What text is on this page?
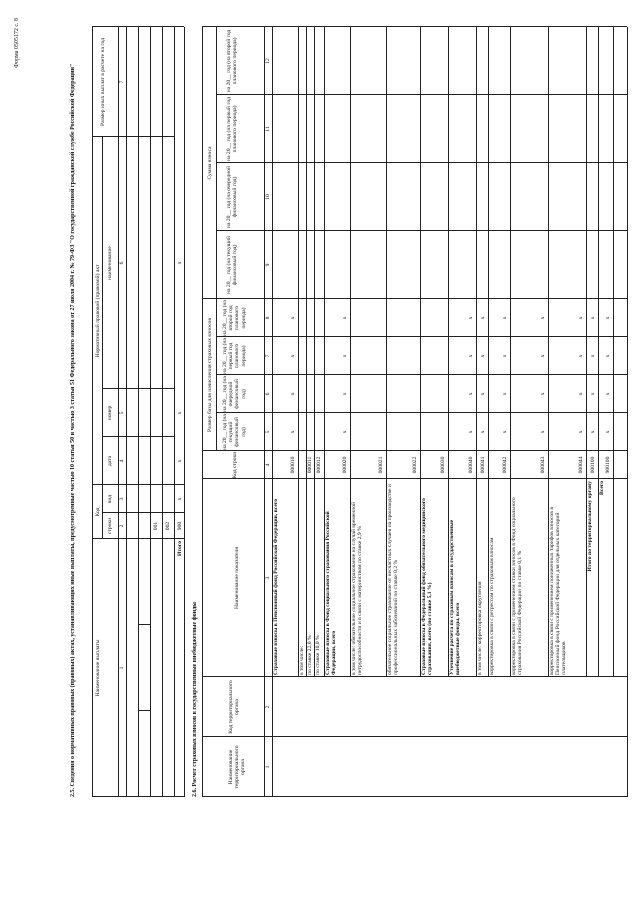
Форма 0505172 с. 8
2.5. Сведения о нормативных правовых (правовых) актах, устанавливающих иные выплаты, предусмотренные частью 10 статьи 50 и частью 3 статьи 51 Федерального закона от 27 июля 2004 г. № 79-ФЗ "О государственной гражданской службе Российской Федерации"	Наименование выплаты
Код
строки
вид
Нормативный правовой (правовой) акт
дата
номер
наименование
Размер иных выплат в расчете на год
1
2
3
4
5
6
7
001 002
Итого
900
x
x
x
x
2.6. Расчет страховых взносов в государственные внебюджетные фонды	Наименование территориального органа
Код территориального органа
Наименование показателя
Код строки
Размер базы для начисления страховых взносов
Сумма взноса
на 20__ год (на текущий финансовый год)
на 20__ год (на очередной финансовый год)
на 20__ год (на первый год планового периода)
на 20__ год (на второй год планового периода)
на 20__ год (на текущий финансовый год)
на 20__ год (на очередной финансовый год)
на 20__ год (на первый год планового периода)
на 20__ год (на второй год планового периода)
1
2
3
4
5
6
7
8
9
10
11
12
Страховые взносы в Пенсионный фонд Российской Федерации, всего
000010
x
x
x
x
в том числе: по ставке 22,0 %
000011
по ставке 10,0 %
000012
Страховые взносы в Фонд социального страхования Российской Федерации, всего
000020
x
x
x
x
в том числе: обязательное социальное страхование на случай временной нетрудоспособности и в связи с материнством по ставке 2,9 %
000021
обязательное социальное страхование от несчастных случаев на производстве и профессиональных заболеваний по ставке 0,2 %
000022
Страховые взносы в Федеральный фонд обязательного медицинского страхования, всего (по ставке 5,1 %)
000030
Уточнение расчета по страховым взносам в государственные внебюджетные фонды, всего
000040
x
x
x
x
в том числе: корректировка округления
000041
x
x
x
x
корректировка в связи с регрессом по страховым взносам
000042
x
x
x
x
корректировка в связи с применением ставки взносов в Фонд социального страхования Российской Федерации по ставке 0,1 %
000043
x
x
x
x
корректировка в связи с применением пониженных тарифов взносов в Пенсионный фонд Российской Федерации для отдельных категорий плательщиков
000044
x
x
x
x
Итого по территориальному органу
000100
x
x
x
x
Всего
900100
x
x
x
x
